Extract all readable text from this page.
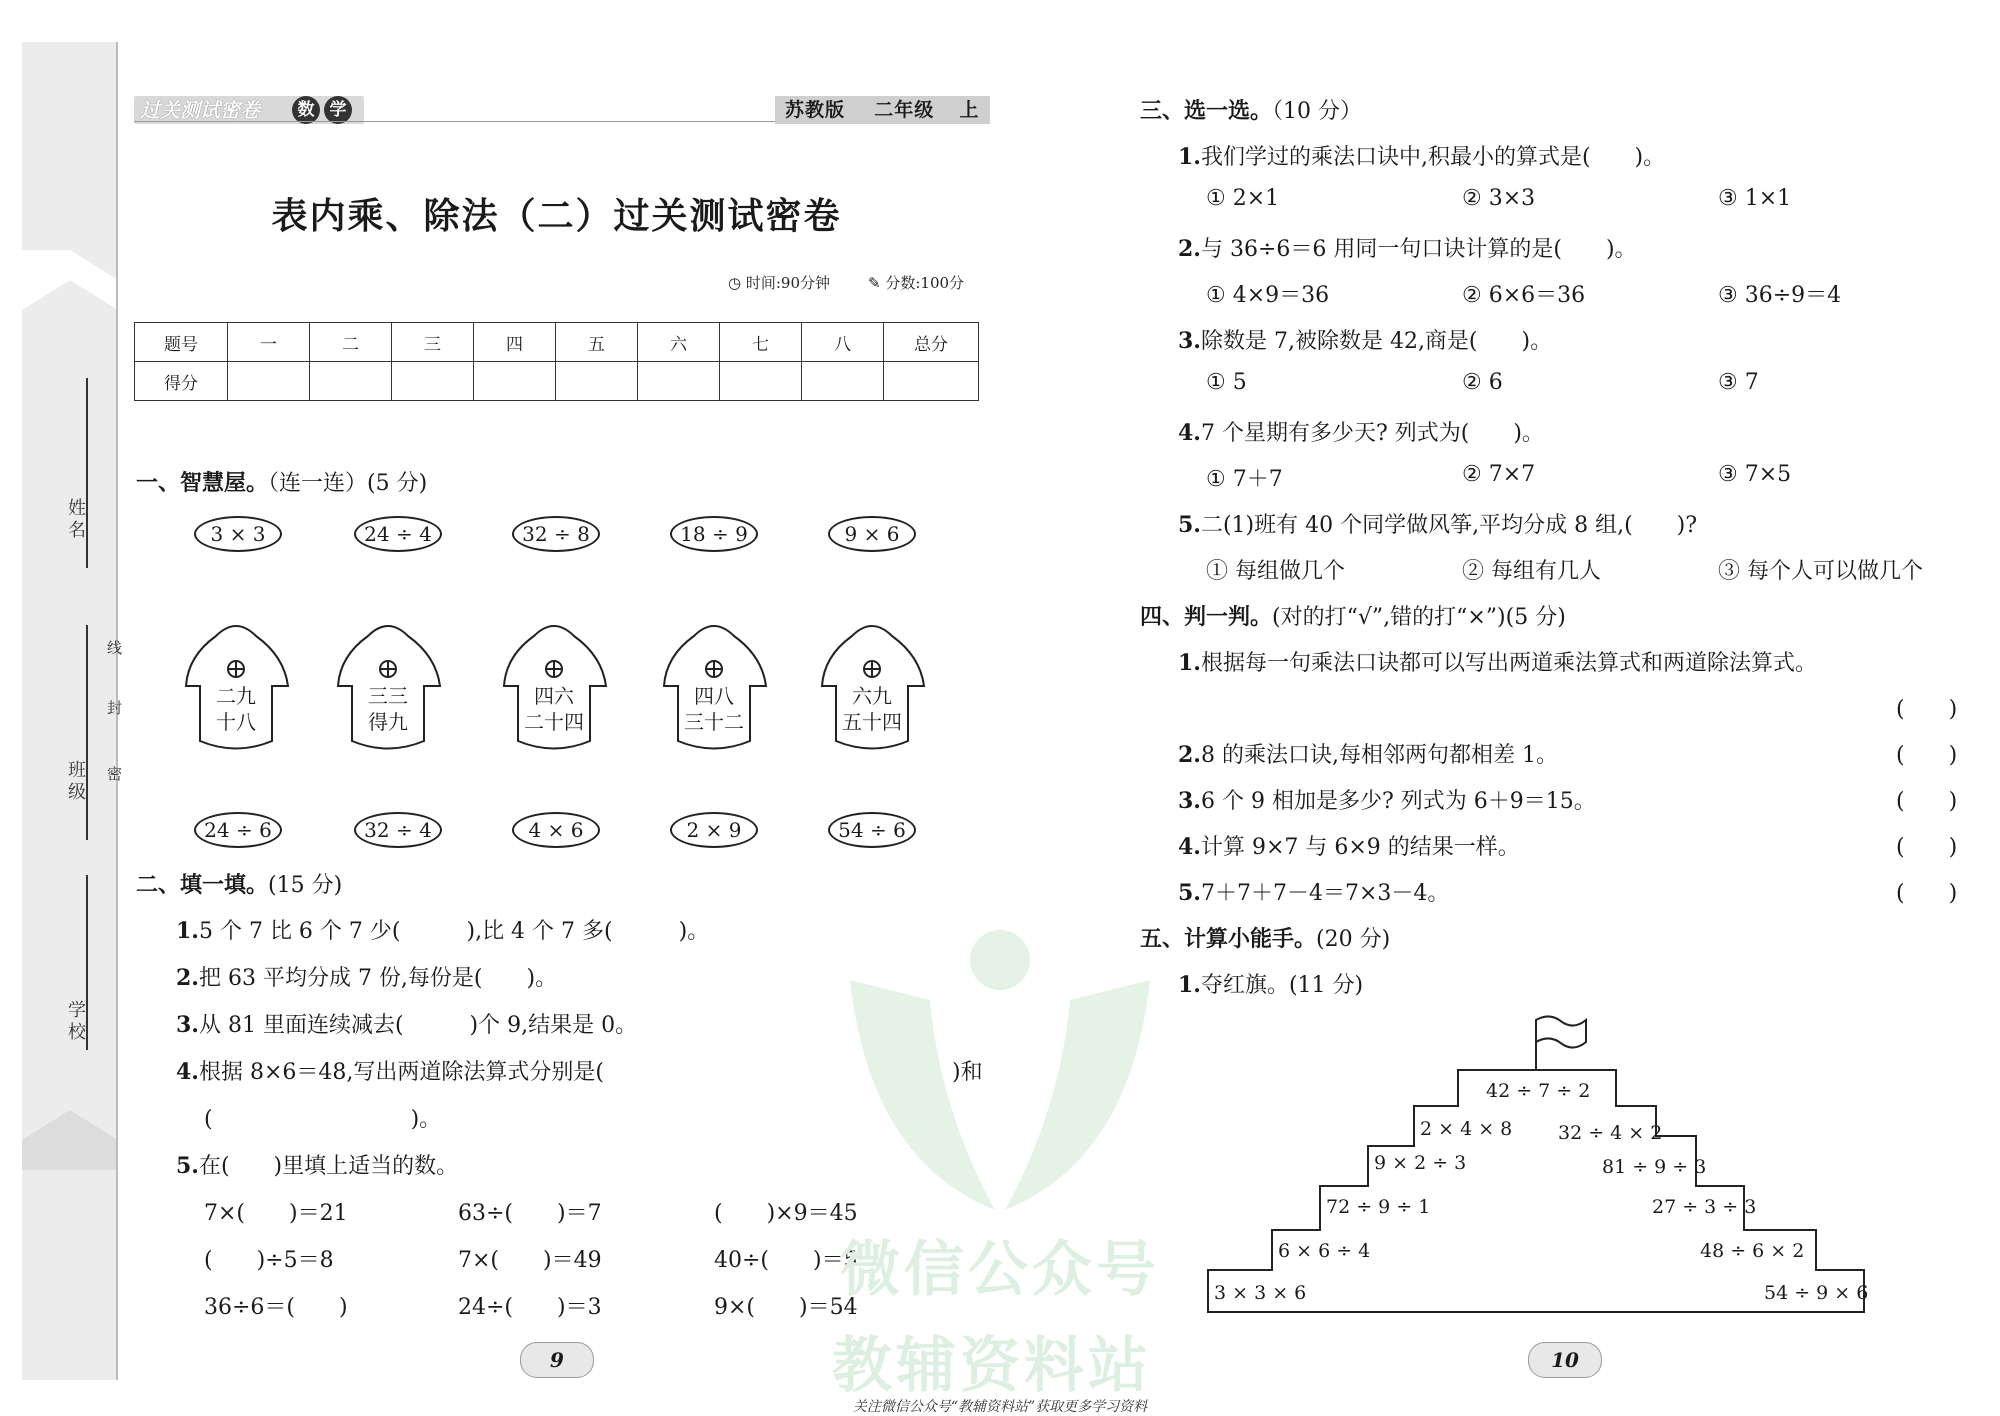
姓名
班级
线
封
密
学校
过关测试密卷	数 学	苏教版 二年级 上
表内乘、除法（二）过关测试密卷
◷ 时间:90分钟	✎ 分数:100分
题号	一	二	三	四	五	六	七	八	总分
得分									
一、智慧屋。（连一连）(5 分)
3 × 3	24 ÷ 4	32 ÷ 8	18 ÷ 9	9 × 6
二九
十八
三三
得九
四六
二十四
四八
三十二
六九
五十四
24 ÷ 6	32 ÷ 4	4 × 6	2 × 9	54 ÷ 6
二、填一填。(15 分)
1.5 个 7 比 6 个 7 少(　　　),比 4 个 7 多(　　　)。
2.把 63 平均分成 7 份,每份是(　　)。
3.从 81 里面连续减去(　　　)个 9,结果是 0。
4.根据 8×6＝48,写出两道除法算式分别是(	)和
(　　　　　　　　　)。
5.在(　　)里填上适当的数。
7×(　　)＝21	63÷(　　)＝7	(　　)×9＝45
(　　)÷5＝8	7×(　　)＝49	40÷(　　)＝5
36÷6＝(　　)	24÷(　　)＝3	9×(　　)＝54
9
微信公众号
教辅资料站
三、选一选。（10 分）
1.我们学过的乘法口诀中,积最小的算式是(　　)。
① 2×1	② 3×3	③ 1×1
2.与 36÷6＝6 用同一句口诀计算的是(　　)。
① 4×9＝36	② 6×6＝36	③ 36÷9＝4
3.除数是 7,被除数是 42,商是(　　)。
① 5	② 6	③ 7
4.7 个星期有多少天? 列式为(　　)。
① 7＋7	② 7×7	③ 7×5
5.二(1)班有 40 个同学做风筝,平均分成 8 组,(　　)?
① 每组做几个	② 每组有几人	③ 每个人可以做几个
四、判一判。(对的打“√”,错的打“×”)(5 分)
1.根据每一句乘法口诀都可以写出两道乘法算式和两道除法算式。
(　　)
2.8 的乘法口诀,每相邻两句都相差 1。	(　　)
3.6 个 9 相加是多少? 列式为 6＋9＝15。	(　　)
4.计算 9×7 与 6×9 的结果一样。	(　　)
5.7＋7＋7－4＝7×3－4。	(　　)
五、计算小能手。(20 分)
1.夺红旗。(11 分)
42 ÷ 7 ÷ 2
2 × 4 × 8
9 × 2 ÷ 3
72 ÷ 9 ÷ 1
6 × 6 ÷ 4
3 × 3 × 6
32 ÷ 4 × 2
81 ÷ 9 ÷ 3
27 ÷ 3 ÷ 3
48 ÷ 6 × 2
54 ÷ 9 × 6
10
关注微信公众号“教辅资料站”获取更多学习资料
